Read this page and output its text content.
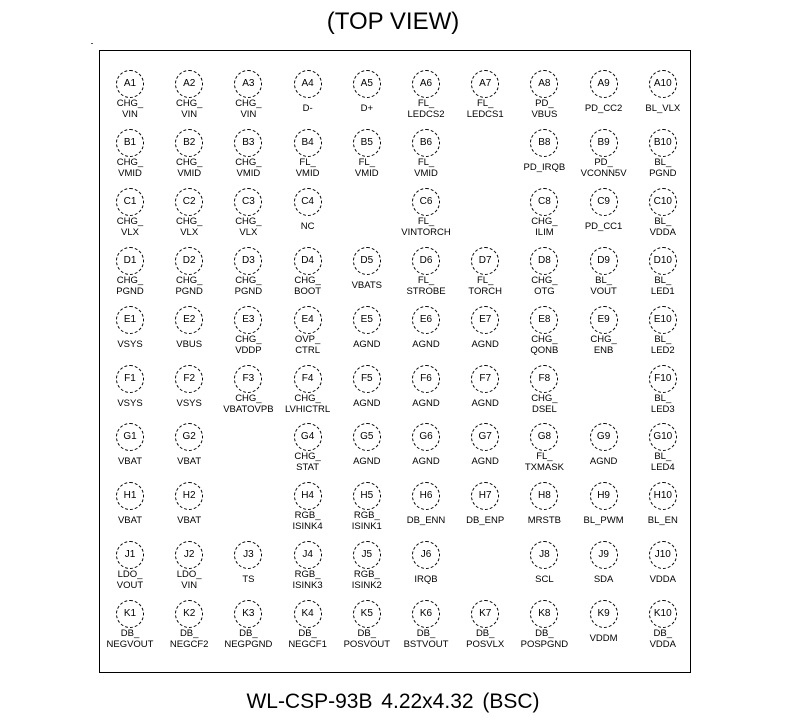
(TOP VIEW)
A1
CHG_
VIN
A2
CHG_
VIN
A3
CHG_
VIN
A4
D-
A5
D+
A6
FL_
LEDCS2
A7
FL_
LEDCS1
A8
PD_
VBUS
A9
PD_CC2
A10
BL_VLX
B1
CHG_
VMID
B2
CHG_
VMID
B3
CHG_
VMID
B4
FL_
VMID
B5
FL_
VMID
B6
FL_
VMID
B8
PD_IRQB
B9
PD_
VCONN5V
B10
BL_
PGND
C1
CHG_
VLX
C2
CHG_
VLX
C3
CHG_
VLX
C4
NC
C6
FL_
VINTORCH
C8
CHG_
ILIM
C9
PD_CC1
C10
BL_
VDDA
D1
CHG_
PGND
D2
CHG_
PGND
D3
CHG_
PGND
D4
CHG_
BOOT
D5
VBATS
D6
FL_
STROBE
D7
FL_
TORCH
D8
CHG_
OTG
D9
BL_
VOUT
D10
BL_
LED1
E1
VSYS
E2
VBUS
E3
CHG_
VDDP
E4
OVP_
CTRL
E5
AGND
E6
AGND
E7
AGND
E8
CHG_
QONB
E9
CHG_
ENB
E10
BL_
LED2
F1
VSYS
F2
VSYS
F3
CHG_
VBATOVPB
F4
CHG_
LVHICTRL
F5
AGND
F6
AGND
F7
AGND
F8
CHG_
DSEL
F10
BL_
LED3
G1
VBAT
G2
VBAT
G4
CHG_
STAT
G5
AGND
G6
AGND
G7
AGND
G8
FL_
TXMASK
G9
AGND
G10
BL_
LED4
H1
VBAT
H2
VBAT
H4
RGB_
ISINK4
H5
RGB_
ISINK1
H6
DB_ENN
H7
DB_ENP
H8
MRSTB
H9
BL_PWM
H10
BL_EN
J1
LDO_
VOUT
J2
LDO_
VIN
J3
TS
J4
RGB_
ISINK3
J5
RGB_
ISINK2
J6
IRQB
J8
SCL
J9
SDA
J10
VDDA
K1
DB_
NEGVOUT
K2
DB_
NEGCF2
K3
DB_
NEGPGND
K4
DB_
NEGCF1
K5
DB_
POSVOUT
K6
DB_
BSTVOUT
K7
DB_
POSVLX
K8
DB_
POSPGND
K9
VDDM
K10
DB_
VDDA
WL-CSP-93B 4.22x4.32 (BSC)
